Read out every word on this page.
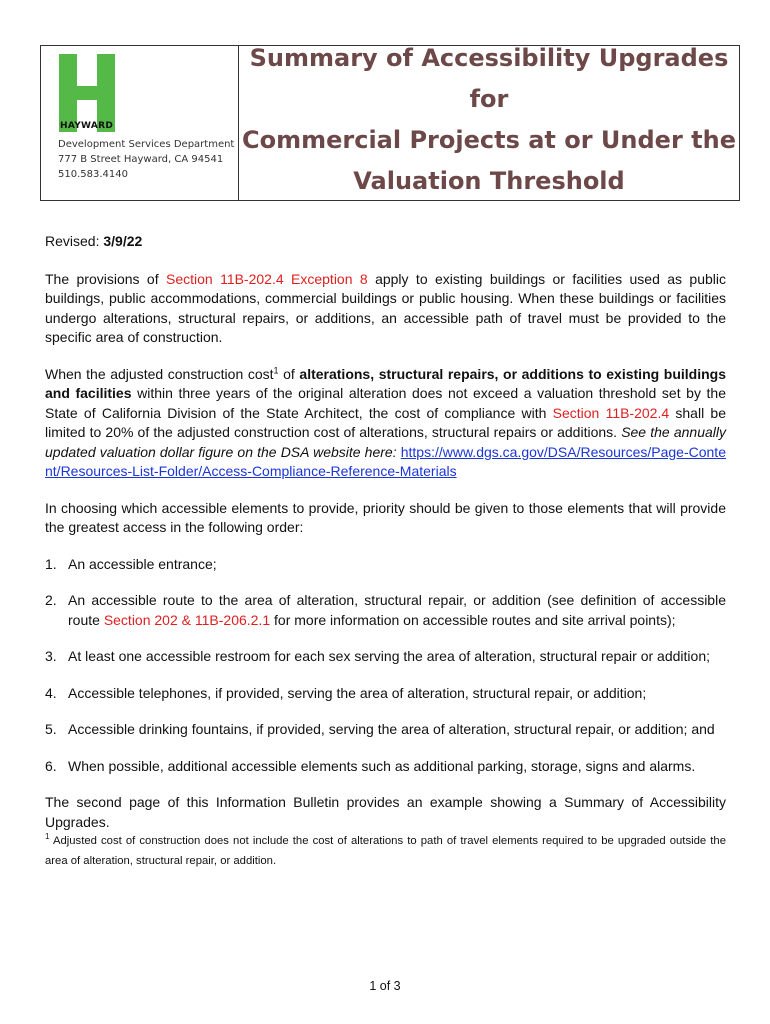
HAYWARD
Development Services Department
777 B Street Hayward, CA 94541
510.583.4140
Summary of Accessibility Upgrades for
Commercial Projects at or Under the
Valuation Threshold

Revised: 3/9/22

The provisions of Section 11B-202.4 Exception 8 apply to existing buildings or facilities used as public buildings, public accommodations, commercial buildings or public housing. When these buildings or facilities undergo alterations, structural repairs, or additions, an accessible path of travel must be provided to the specific area of construction.

When the adjusted construction cost$^1$ of alterations, structural repairs, or additions to existing buildings and facilities within three years of the original alteration does not exceed a valuation threshold set by the State of California Division of the State Architect, the cost of compliance with Section 11B-202.4 shall be limited to 20% of the adjusted construction cost of alterations, structural repairs or additions. See the annually updated valuation dollar figure on the DSA website here: https://www.dgs.ca.gov/DSA/Resources/Page-Content/Resources-List-Folder/Access-Compliance-Reference-Materials

In choosing which accessible elements to provide, priority should be given to those elements that will provide the greatest access in the following order:

1. An accessible entrance;
2. An accessible route to the area of alteration, structural repair, or addition (see definition of accessible route Section 202 & 11B-206.2.1 for more information on accessible routes and site arrival points);
3. At least one accessible restroom for each sex serving the area of alteration, structural repair or addition;
4. Accessible telephones, if provided, serving the area of alteration, structural repair, or addition;
5. Accessible drinking fountains, if provided, serving the area of alteration, structural repair, or addition; and
6. When possible, additional accessible elements such as additional parking, storage, signs and alarms.

The second page of this Information Bulletin provides an example showing a Summary of Accessibility Upgrades.

$^1$ Adjusted cost of construction does not include the cost of alterations to path of travel elements required to be upgraded outside the area of alteration, structural repair, or addition.

1 of 3
